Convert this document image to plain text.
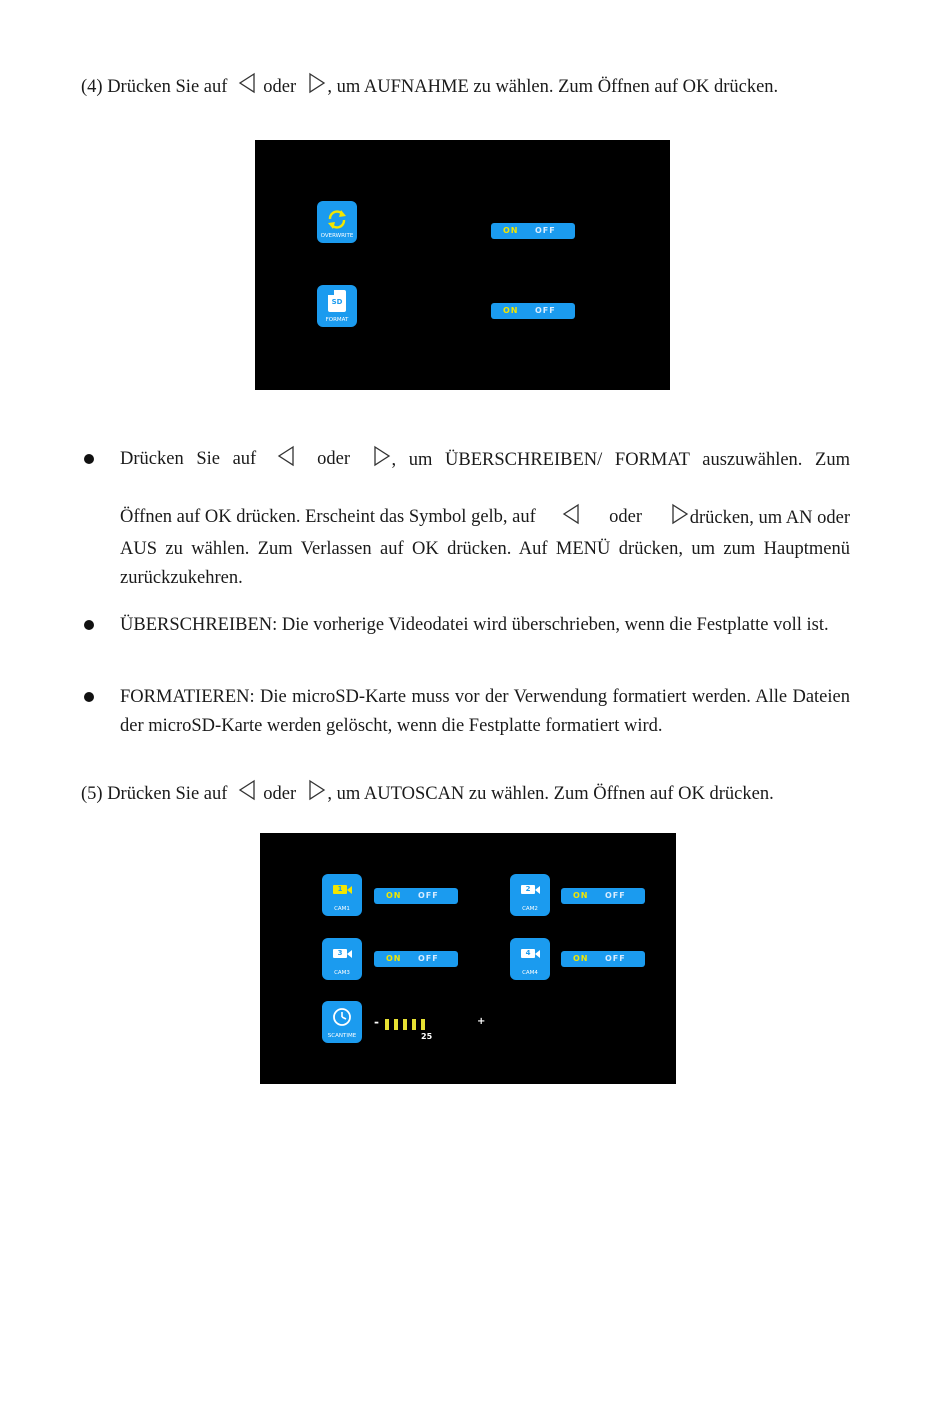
(4) Drücken Sie auf oder , um AUFNAHME zu wählen. Zum Öffnen auf OK drücken.
OVERWRITE
ON OFF
SD
FORMAT
ON OFF
Drücken Sie auf	oder	, um ÜBERSCHREIBEN/ FORMAT auszuwählen. Zum
Öffnen auf OK drücken. Erscheint das Symbol gelb, auf	oder	drücken, um AN oder
AUS zu wählen. Zum Verlassen auf OK drücken. Auf MENÜ drücken, um zum Hauptmenü zurückzukehren.
ÜBERSCHREIBEN: Die vorherige Videodatei wird überschrieben, wenn die Festplatte voll ist.
FORMATIEREN: Die microSD-Karte muss vor der Verwendung formatiert werden. Alle Dateien der microSD-Karte werden gelöscht, wenn die Festplatte formatiert wird.
(5) Drücken Sie auf oder , um AUTOSCAN zu wählen. Zum Öffnen auf OK drücken.
1
CAM1
ON OFF
2
CAM2
ON OFF
3
CAM3
ON OFF
4
CAM4
ON OFF
SCANTIME
-
25
+
